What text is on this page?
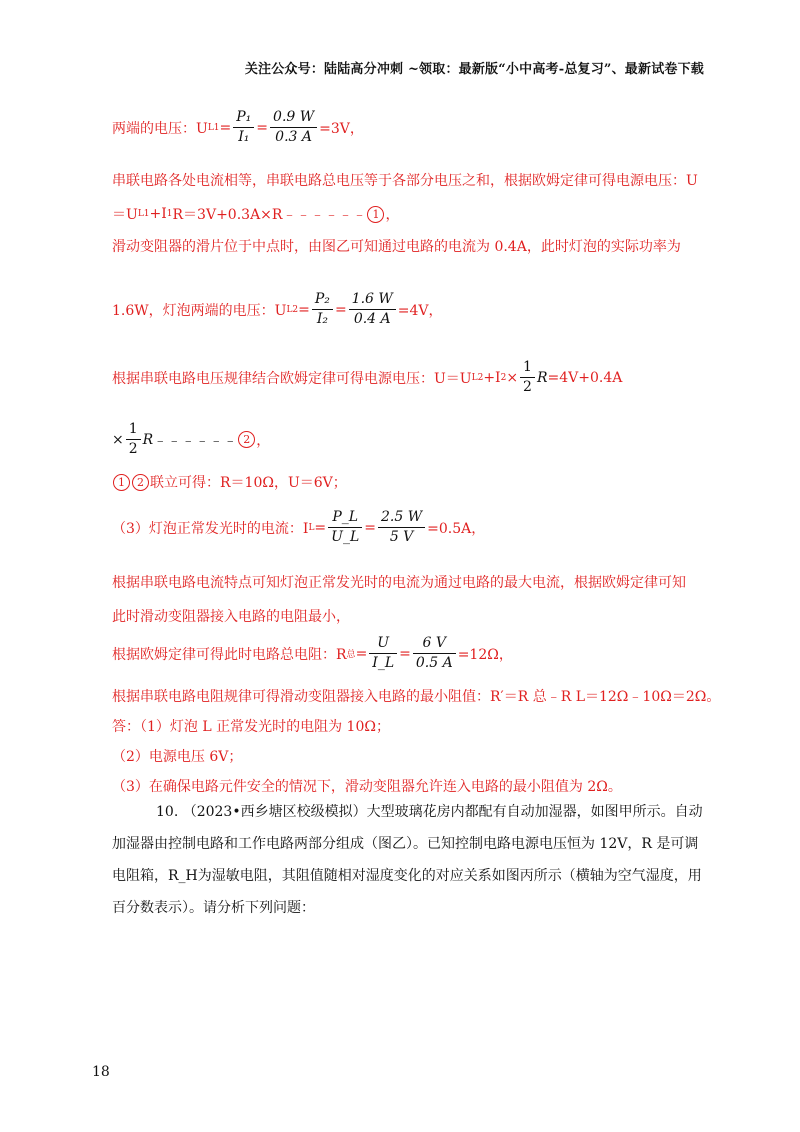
关注公众号：陆陆高分冲刺 ~领取：最新版“小中高考-总复习”、最新试卷下载
两端的电压：U $L1 = \frac{\text{P₁}}{\text{I₁}} = \frac{0.9 W}{0.3 A} =3V$，
串联电路各处电流相等，串联电路总电压等于各部分电压之和，根据欧姆定律可得电源电压：U
＝U L1 +I 1 R＝3V+0.3A×R﹣﹣﹣﹣﹣﹣ 1 ，
滑动变阻器的滑片位于中点时，由图乙可知通过电路的电流为 0.4A，此时灯泡的实际功率为
1.6W，灯泡两端的电压：U $L2 = \frac{\text{P₂}}{\text{I₂}} = \frac{1.6 W}{0.4 A} =4V$，
根据串联电路电压规律结合欧姆定律可得电源电压：U＝U L2 +I $2 \times \frac{1}{2}$ R =4V+0.4A
× $\frac{1}{2}$ R ﹣﹣﹣﹣﹣﹣ 2 ，
1	2 联立可得：R＝10Ω，U＝6V；
（3）灯泡正常发光时的电流：I $L = \frac{P\_L}{U\_L} = \frac{2.5 W}{5 V} =0.5A$，
根据串联电路电流特点可知灯泡正常发光时的电流为通过电路的最大电流，根据欧姆定律可知
此时滑动变阻器接入电路的电阻最小，
根据欧姆定律可得此时电路总电阻：R 总 = $\frac{U}{I\_L} = \frac{6 V}{0.5 A} =12\Omega$，
根据串联电路电阻规律可得滑动变阻器接入电路的最小阻值：R′＝R 总﹣R L＝12Ω﹣10Ω＝2Ω。
答：（1）灯泡 L 正常发光时的电阻为 10Ω；
（2）电源电压 6V；
（3）在确保电路元件安全的情况下，滑动变阻器允许连入电路的最小阻值为 2Ω。
10. （2023•西乡塘区校级模拟）大型玻璃花房内都配有自动加湿器，如图甲所示。自动加湿器由控制电路和工作电路两部分组成（图乙）。已知控制电路电源电压恒为 12V，R 是可调电阻箱，R_H为湿敏电阻，其阻值随相对湿度变化的对应关系如图丙所示（横轴为空气湿度，用百分数表示）。请分析下列问题：
18
